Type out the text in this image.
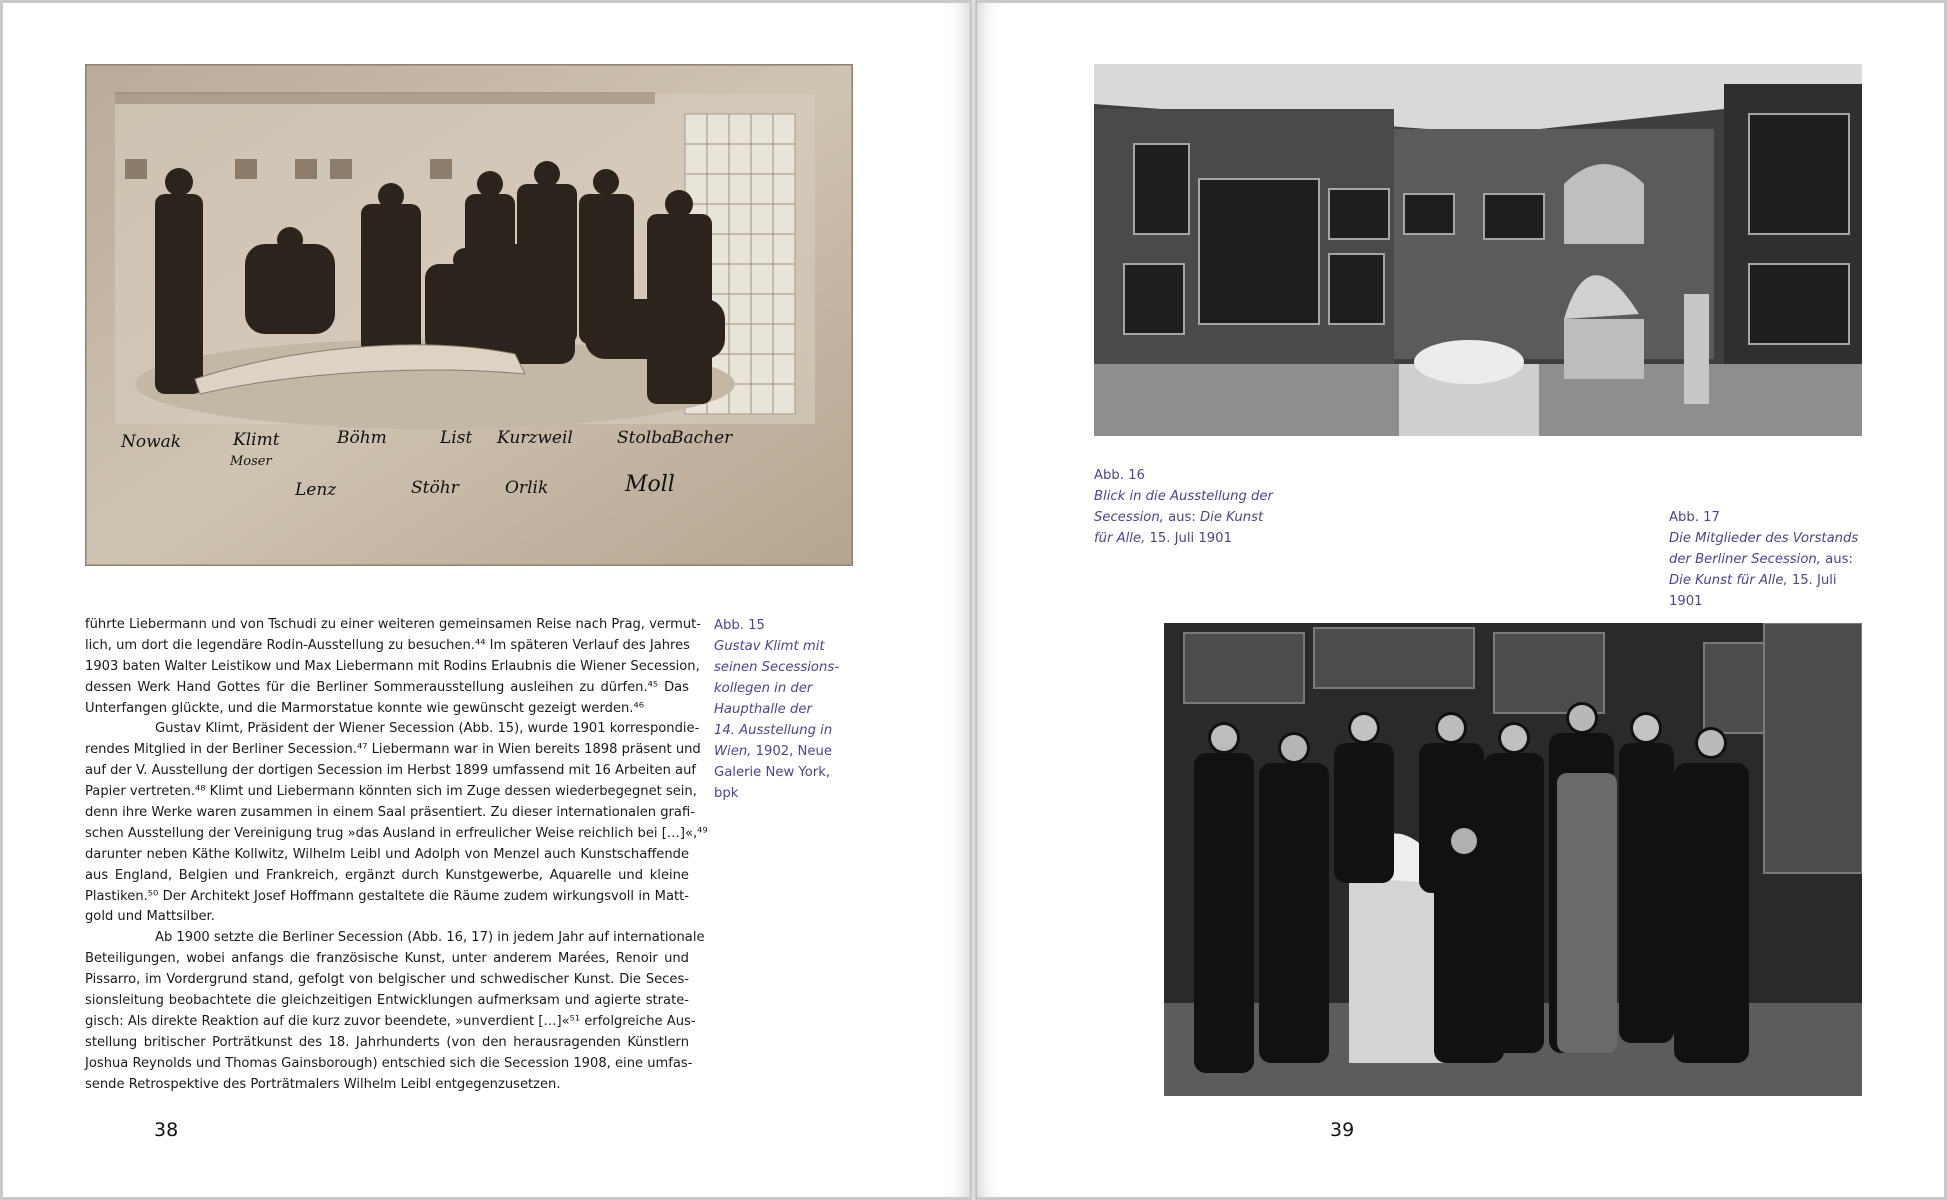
Nowak	Klimt
Moser
Böhm	List Kurzweil	Stolba
Bacher
Lenz	Stöhr	Orlik	Moll
führte Liebermann und von Tschudi zu einer weiteren gemeinsamen Reise nach Prag, vermut-
lich, um dort die legendäre Rodin-Ausstellung zu besuchen.⁴⁴ Im späteren Verlauf des Jahres
1903 baten Walter Leistikow und Max Liebermann mit Rodins Erlaubnis die Wiener Secession,
dessen Werk Hand Gottes für die Berliner Sommerausstellung ausleihen zu dürfen.⁴⁵ Das
Unterfangen glückte, und die Marmorstatue konnte wie gewünscht gezeigt werden.⁴⁶
Gustav Klimt, Präsident der Wiener Secession (Abb. 15), wurde 1901 korrespondie-
rendes Mitglied in der Berliner Secession.⁴⁷ Liebermann war in Wien bereits 1898 präsent und
auf der V. Ausstellung der dortigen Secession im Herbst 1899 umfassend mit 16 Arbeiten auf
Papier vertreten.⁴⁸ Klimt und Liebermann könnten sich im Zuge dessen wiederbegegnet sein,
denn ihre Werke waren zusammen in einem Saal präsentiert. Zu dieser internationalen grafi-
schen Ausstellung der Vereinigung trug »das Ausland in erfreulicher Weise reichlich bei […]«,⁴⁹
darunter neben Käthe Kollwitz, Wilhelm Leibl und Adolph von Menzel auch Kunstschaffende
aus England, Belgien und Frankreich, ergänzt durch Kunstgewerbe, Aquarelle und kleine
Plastiken.⁵⁰ Der Architekt Josef Hoffmann gestaltete die Räume zudem wirkungsvoll in Matt-
gold und Mattsilber.
Ab 1900 setzte die Berliner Secession (Abb. 16, 17) in jedem Jahr auf internationale
Beteiligungen, wobei anfangs die französische Kunst, unter anderem Marées, Renoir und
Pissarro, im Vordergrund stand, gefolgt von belgischer und schwedischer Kunst. Die Seces-
sionsleitung beobachtete die gleichzeitigen Entwicklungen aufmerksam und agierte strate-
gisch: Als direkte Reaktion auf die kurz zuvor beendete, »unverdient […]«⁵¹ erfolgreiche Aus-
stellung britischer Porträtkunst des 18. Jahrhunderts (von den herausragenden Künstlern
Joshua Reynolds und Thomas Gainsborough) entschied sich die Secession 1908, eine umfas-
sende Retrospektive des Porträtmalers Wilhelm Leibl entgegenzusetzen.
Abb. 15
Gustav Klimt mit
seinen Secessions-
kollegen in der
Haupthalle der
14. Ausstellung in
Wien, 1902, Neue
Galerie New York,
bpk
38
Abb. 16
Blick in die Ausstellung der
Secession, aus: Die Kunst
für Alle, 15. Juli 1901
Abb. 17
Die Mitglieder des Vorstands
der Berliner Secession, aus:
Die Kunst für Alle, 15. Juli 1901
39
